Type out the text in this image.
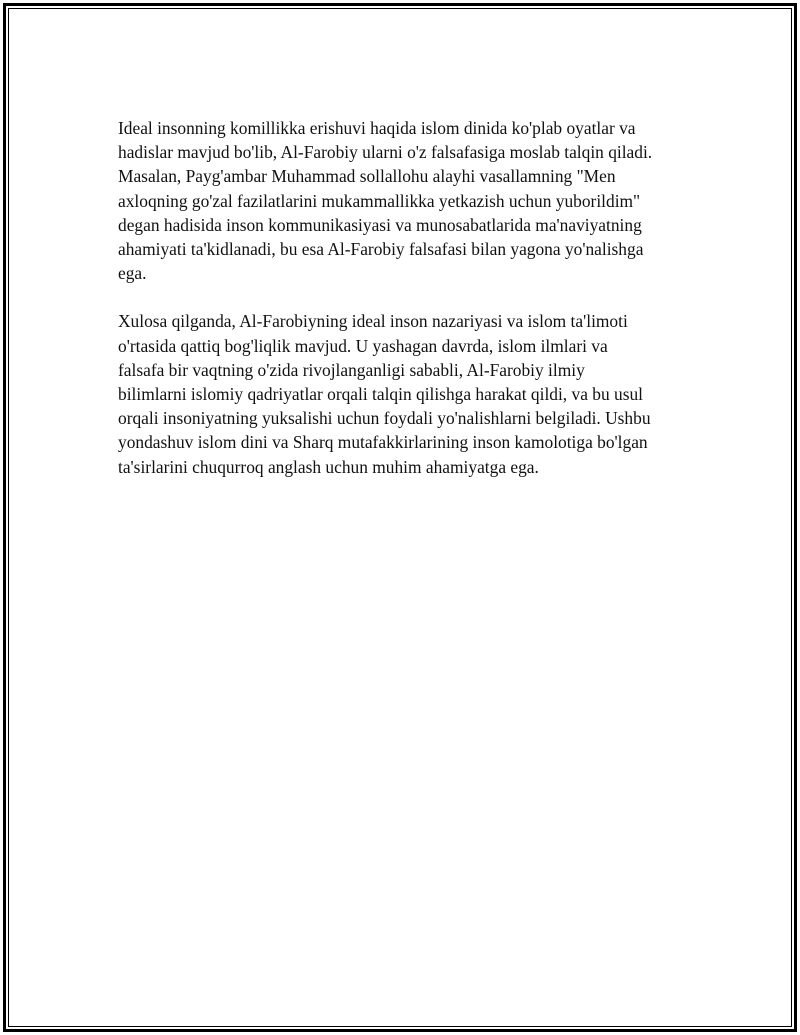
Ideal insonning komillikka erishuvi haqida islom dinida ko'plab oyatlar va
hadislar mavjud bo'lib, Al-Farobiy ularni o'z falsafasiga moslab talqin qiladi.
Masalan, Payg'ambar Muhammad sollallohu alayhi vasallamning "Men
axloqning go'zal fazilatlarini mukammallikka yetkazish uchun yuborildim"
degan hadisida inson kommunikasiyasi va munosabatlarida ma'naviyatning
ahamiyati ta'kidlanadi, bu esa Al-Farobiy falsafasi bilan yagona yo'nalishga
ega.

Xulosa qilganda, Al-Farobiyning ideal inson nazariyasi va islom ta'limoti
o'rtasida qattiq bog'liqlik mavjud. U yashagan davrda, islom ilmlari va
falsafa bir vaqtning o'zida rivojlanganligi sababli, Al-Farobiy ilmiy
bilimlarni islomiy qadriyatlar orqali talqin qilishga harakat qildi, va bu usul
orqali insoniyatning yuksalishi uchun foydali yo'nalishlarni belgiladi. Ushbu
yondashuv islom dini va Sharq mutafakkirlarining inson kamolotiga bo'lgan
ta'sirlarini chuqurroq anglash uchun muhim ahamiyatga ega.
